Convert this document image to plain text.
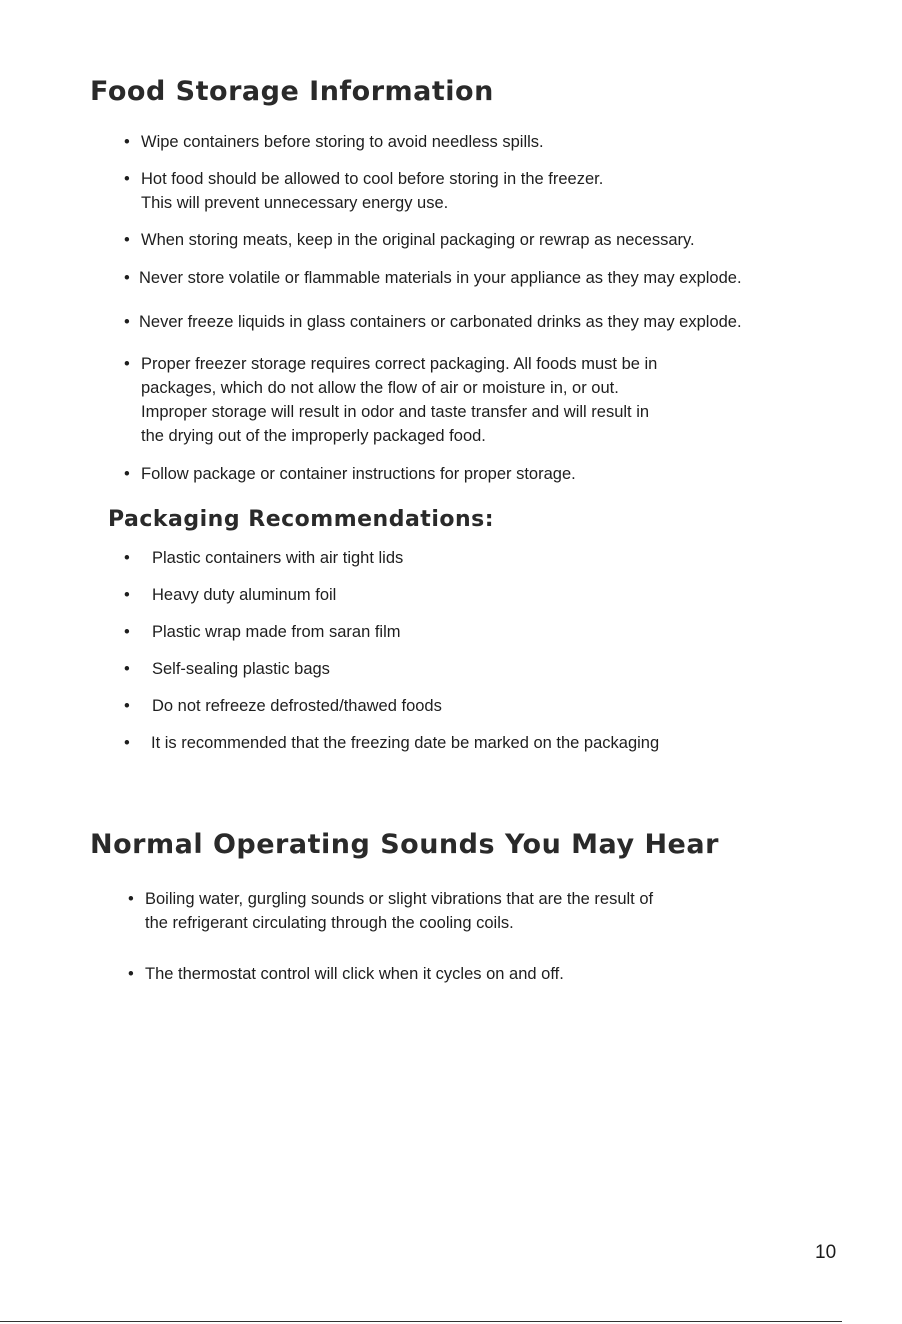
Food Storage Information
• Wipe containers before storing to avoid needless spills.
• Hot food should be allowed to cool before storing in the freezer.
This will prevent unnecessary energy use.
• When storing meats, keep in the original packaging or rewrap as necessary.
• Never store volatile or flammable materials in your appliance as they may explode.
• Never freeze liquids in glass containers or carbonated drinks as they may explode.
• Proper freezer storage requires correct packaging. All foods must be in
packages, which do not allow the flow of air or moisture in, or out.
Improper storage will result in odor and taste transfer and will result in
the drying out of the improperly packaged food.
• Follow package or container instructions for proper storage.
Packaging Recommendations:
•	Plastic containers with air tight lids
•	Heavy duty aluminum foil
•	Plastic wrap made from saran film
•	Self-sealing plastic bags
•	Do not refreeze defrosted/thawed foods
•	It is recommended that the freezing date be marked on the packaging
Normal Operating Sounds You May Hear
• Boiling water, gurgling sounds or slight vibrations that are the result of
the refrigerant circulating through the cooling coils.
• The thermostat control will click when it cycles on and off.
10
